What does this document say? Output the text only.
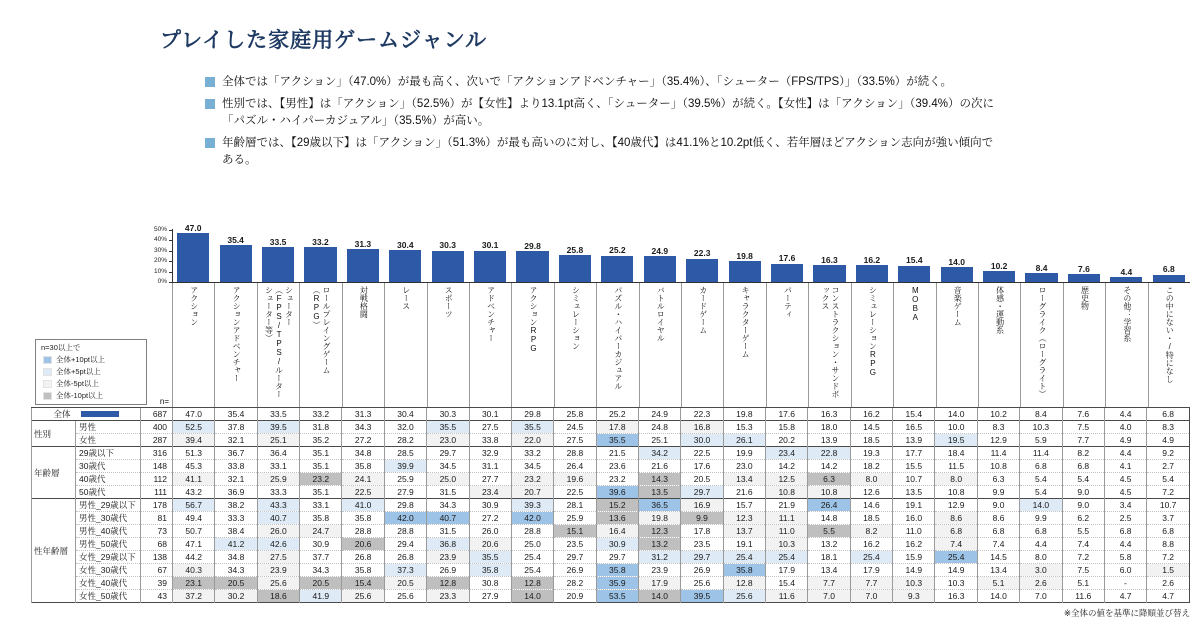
プレイした家庭用ゲームジャンル
全体では「アクション」（47.0%）が最も高く、次いで「アクションアドベンチャー」（35.4%）、「シューター（FPS/TPS）」（33.5%）が続く。
性別では、【男性】は「アクション」（52.5%）が【女性】より13.1pt高く、「シューター」（39.5%）が続く。【女性】は「アクション」（39.4%）の次に「パズル・ハイパーカジュアル」（35.5%）が高い。
年齢層では、【29歳以下】は「アクション」（51.3%）が最も高いのに対し、【40歳代】は41.1%と10.2pt低く、若年層ほどアクション志向が強い傾向である。
0%
10%
20%
30%
40%
50% 47.0
35.4	33.5	33.2	31.3	30.4	30.3	30.1	29.8	25.8	25.2	24.9	22.3	19.8	17.6	16.3	16.2	15.4	14.0	10.2	8.4	7.6	4.4	6.8
n=30以上で
全体+10pt以上
全体+5pt以上
全体-5pt以上
全体-10pt以上
n=
アクション	アクションアドベンチャー	シューター（FPS/TPS/ルーターシューター等）	ロールプレイングゲーム（RPG）	対戦格闘	レース	スポーツ	アドベンチャー	アクションRPG	シミュレーション	パズル・ハイパーカジュアル	バトルロイヤル	カードゲーム	キャラクターゲーム	パーティ	コンストラクション・サンドボックス	シミュレーションRPG	MOBA	音楽ゲーム	体感・運動系	ローグライク（ローグライト）	歴史物	その他：学習系	この中にない・/特になし
全体		687	47.0	35.4	33.5	33.2	31.3	30.4	30.3	30.1	29.8	25.8	25.2	24.9	22.3	19.8	17.6	16.3	16.2	15.4	14.0	10.2	8.4	7.6	4.4	6.8
性別	男性	400	52.5	37.8	39.5	31.8	34.3	32.0	35.5	27.5	35.5	24.5	17.8	24.8	16.8	15.3	15.8	18.0	14.5	16.5	10.0	8.3	10.3	7.5	4.0	8.3
	女性	287	39.4	32.1	25.1	35.2	27.2	28.2	23.0	33.8	22.0	27.5	35.5	25.1	30.0	26.1	20.2	13.9	18.5	13.9	19.5	12.9	5.9	7.7	4.9	4.9
年齢層	29歳以下	316	51.3	36.7	36.4	35.1	34.8	28.5	29.7	32.9	33.2	28.8	21.5	34.2	22.5	19.9	23.4	22.8	19.3	17.7	18.4	11.4	11.4	8.2	4.4	9.2
	30歳代	148	45.3	33.8	33.1	35.1	35.8	39.9	34.5	31.1	34.5	26.4	23.6	21.6	17.6	23.0	14.2	14.2	18.2	15.5	11.5	10.8	6.8	6.8	4.1	2.7
	40歳代	112	41.1	32.1	25.9	23.2	24.1	25.9	25.0	27.7	23.2	19.6	23.2	14.3	20.5	13.4	12.5	6.3	8.0	10.7	8.0	6.3	5.4	5.4	4.5	5.4
	50歳代	111	43.2	36.9	33.3	35.1	22.5	27.9	31.5	23.4	20.7	22.5	39.6	13.5	29.7	21.6	10.8	10.8	12.6	13.5	10.8	9.9	5.4	9.0	4.5	7.2
性年齢層	男性_29歳以下	178	56.7	38.2	43.3	33.1	41.0	29.8	34.3	30.9	39.3	28.1	15.2	36.5	16.9	15.7	21.9	26.4	14.6	19.1	12.9	9.0	14.0	9.0	3.4	10.7
	男性_30歳代	81	49.4	33.3	40.7	35.8	35.8	42.0	40.7	27.2	42.0	25.9	13.6	19.8	9.9	12.3	11.1	14.8	18.5	16.0	8.6	8.6	9.9	6.2	2.5	3.7
	男性_40歳代	73	50.7	38.4	26.0	24.7	28.8	28.8	31.5	26.0	28.8	15.1	16.4	12.3	17.8	13.7	11.0	5.5	8.2	11.0	6.8	6.8	6.8	5.5	6.8	6.8
	男性_50歳代	68	47.1	41.2	42.6	30.9	20.6	29.4	36.8	20.6	25.0	23.5	30.9	13.2	23.5	19.1	10.3	13.2	16.2	16.2	7.4	7.4	4.4	7.4	4.4	8.8
	女性_29歳以下	138	44.2	34.8	27.5	37.7	26.8	26.8	23.9	35.5	25.4	29.7	29.7	31.2	29.7	25.4	25.4	18.1	25.4	15.9	25.4	14.5	8.0	7.2	5.8	7.2
	女性_30歳代	67	40.3	34.3	23.9	34.3	35.8	37.3	26.9	35.8	25.4	26.9	35.8	23.9	26.9	35.8	17.9	13.4	17.9	14.9	14.9	13.4	3.0	7.5	6.0	1.5
	女性_40歳代	39	23.1	20.5	25.6	20.5	15.4	20.5	12.8	30.8	12.8	28.2	35.9	17.9	25.6	12.8	15.4	7.7	7.7	10.3	10.3	5.1	2.6	5.1	-	2.6
	女性_50歳代	43	37.2	30.2	18.6	41.9	25.6	25.6	23.3	27.9	14.0	20.9	53.5	14.0	39.5	25.6	11.6	7.0	7.0	9.3	16.3	14.0	7.0	11.6	4.7	4.7
※全体の値を基準に降順並び替え
